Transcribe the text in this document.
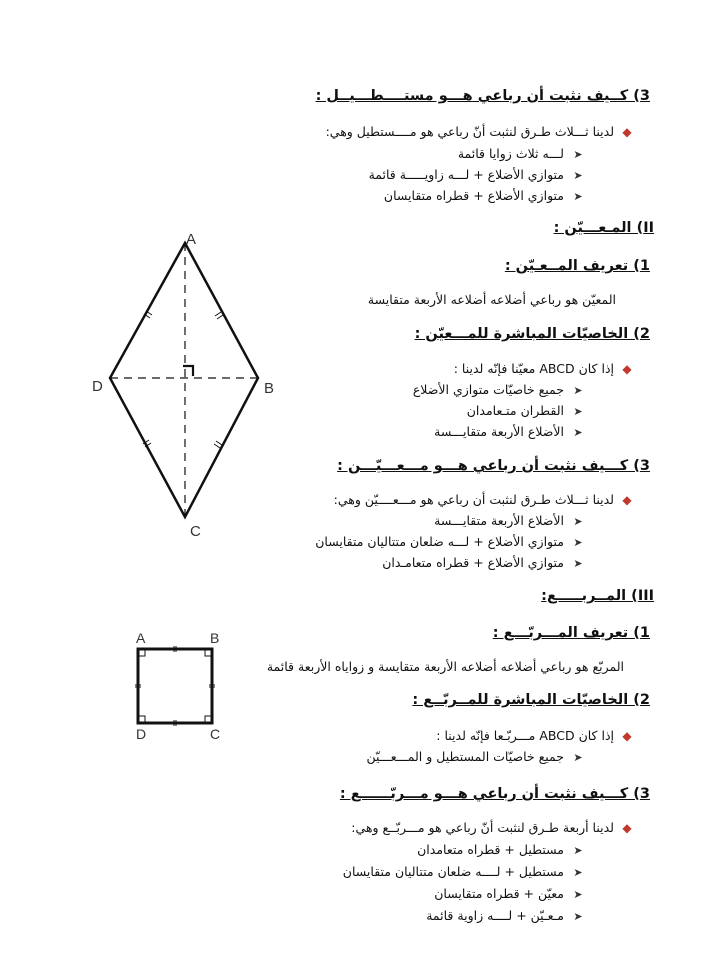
3) كــيف نثبت أن رباعي هـــو مستــــطـــيــل :
◆لدينا ثـــلاث طـرق لنثبت أنّ رباعي هو مــــستطيل وهي:
➤لـــه ثلاث زوايا قائمة
➤متوازي الأضلاع + لـــه زاويـــــة قائمة
➤متوازي الأضلاع + قطراه متقايسان
II) المـعـــيّن :
1) تعريف المــعـيّن :
المعيّن هو رباعي أضلاعه أضلاعه الأربعة متقايسة
2) الخاصيّات المباشرة للمـــعيّن :
◆إذا كان ABCD معيّنا فإنّه لدينا :
➤جميع خاصيّات متوازي الأضلاع
➤القطران متـعامدان
➤الأضلاع الأربعة متقايـــسة
3) كـــيف نثبت أن رباعي هـــو مـــعـــيّـــن :
◆لدينا ثـــلاث طـرق لنثبت أن رباعي هو مـــعــــيّن وهي:
➤الأضلاع الأربعة متقايـــسة
➤متوازي الأضلاع + لـــه ضلعان متتاليان متقايسان
➤متوازي الأضلاع + قطراه متعامـدان
III) المــربـــــع:
1) تعريف المـــربّـــع :
المربّع هو رباعي أضلاعه أضلاعه الأربعة متقايسة و زواياه الأربعة قائمة
2) الخاصيّات المباشرة للمــربّــع :
◆إذا كان ABCD مـــربّـعا فإنّه لدينا :
➤جميع خاصيّات المستطيل و المـــعـــيّن
3) كـــيف نثبت أن رباعي هـــو مـــربّــــــع :
◆لدينا أربعة طـرق لنثبت أنّ رباعي هو مـــربّــع وهي:
➤مستطيل + قطراه متعامدان
➤مستطيل + لــــه ضلعان متتاليان متقايسان
➤معيّن + قطراه متقايسان
➤مـعـيّن + لــــه زاوية قائمة
A
B
C
D
A	B
C
D
